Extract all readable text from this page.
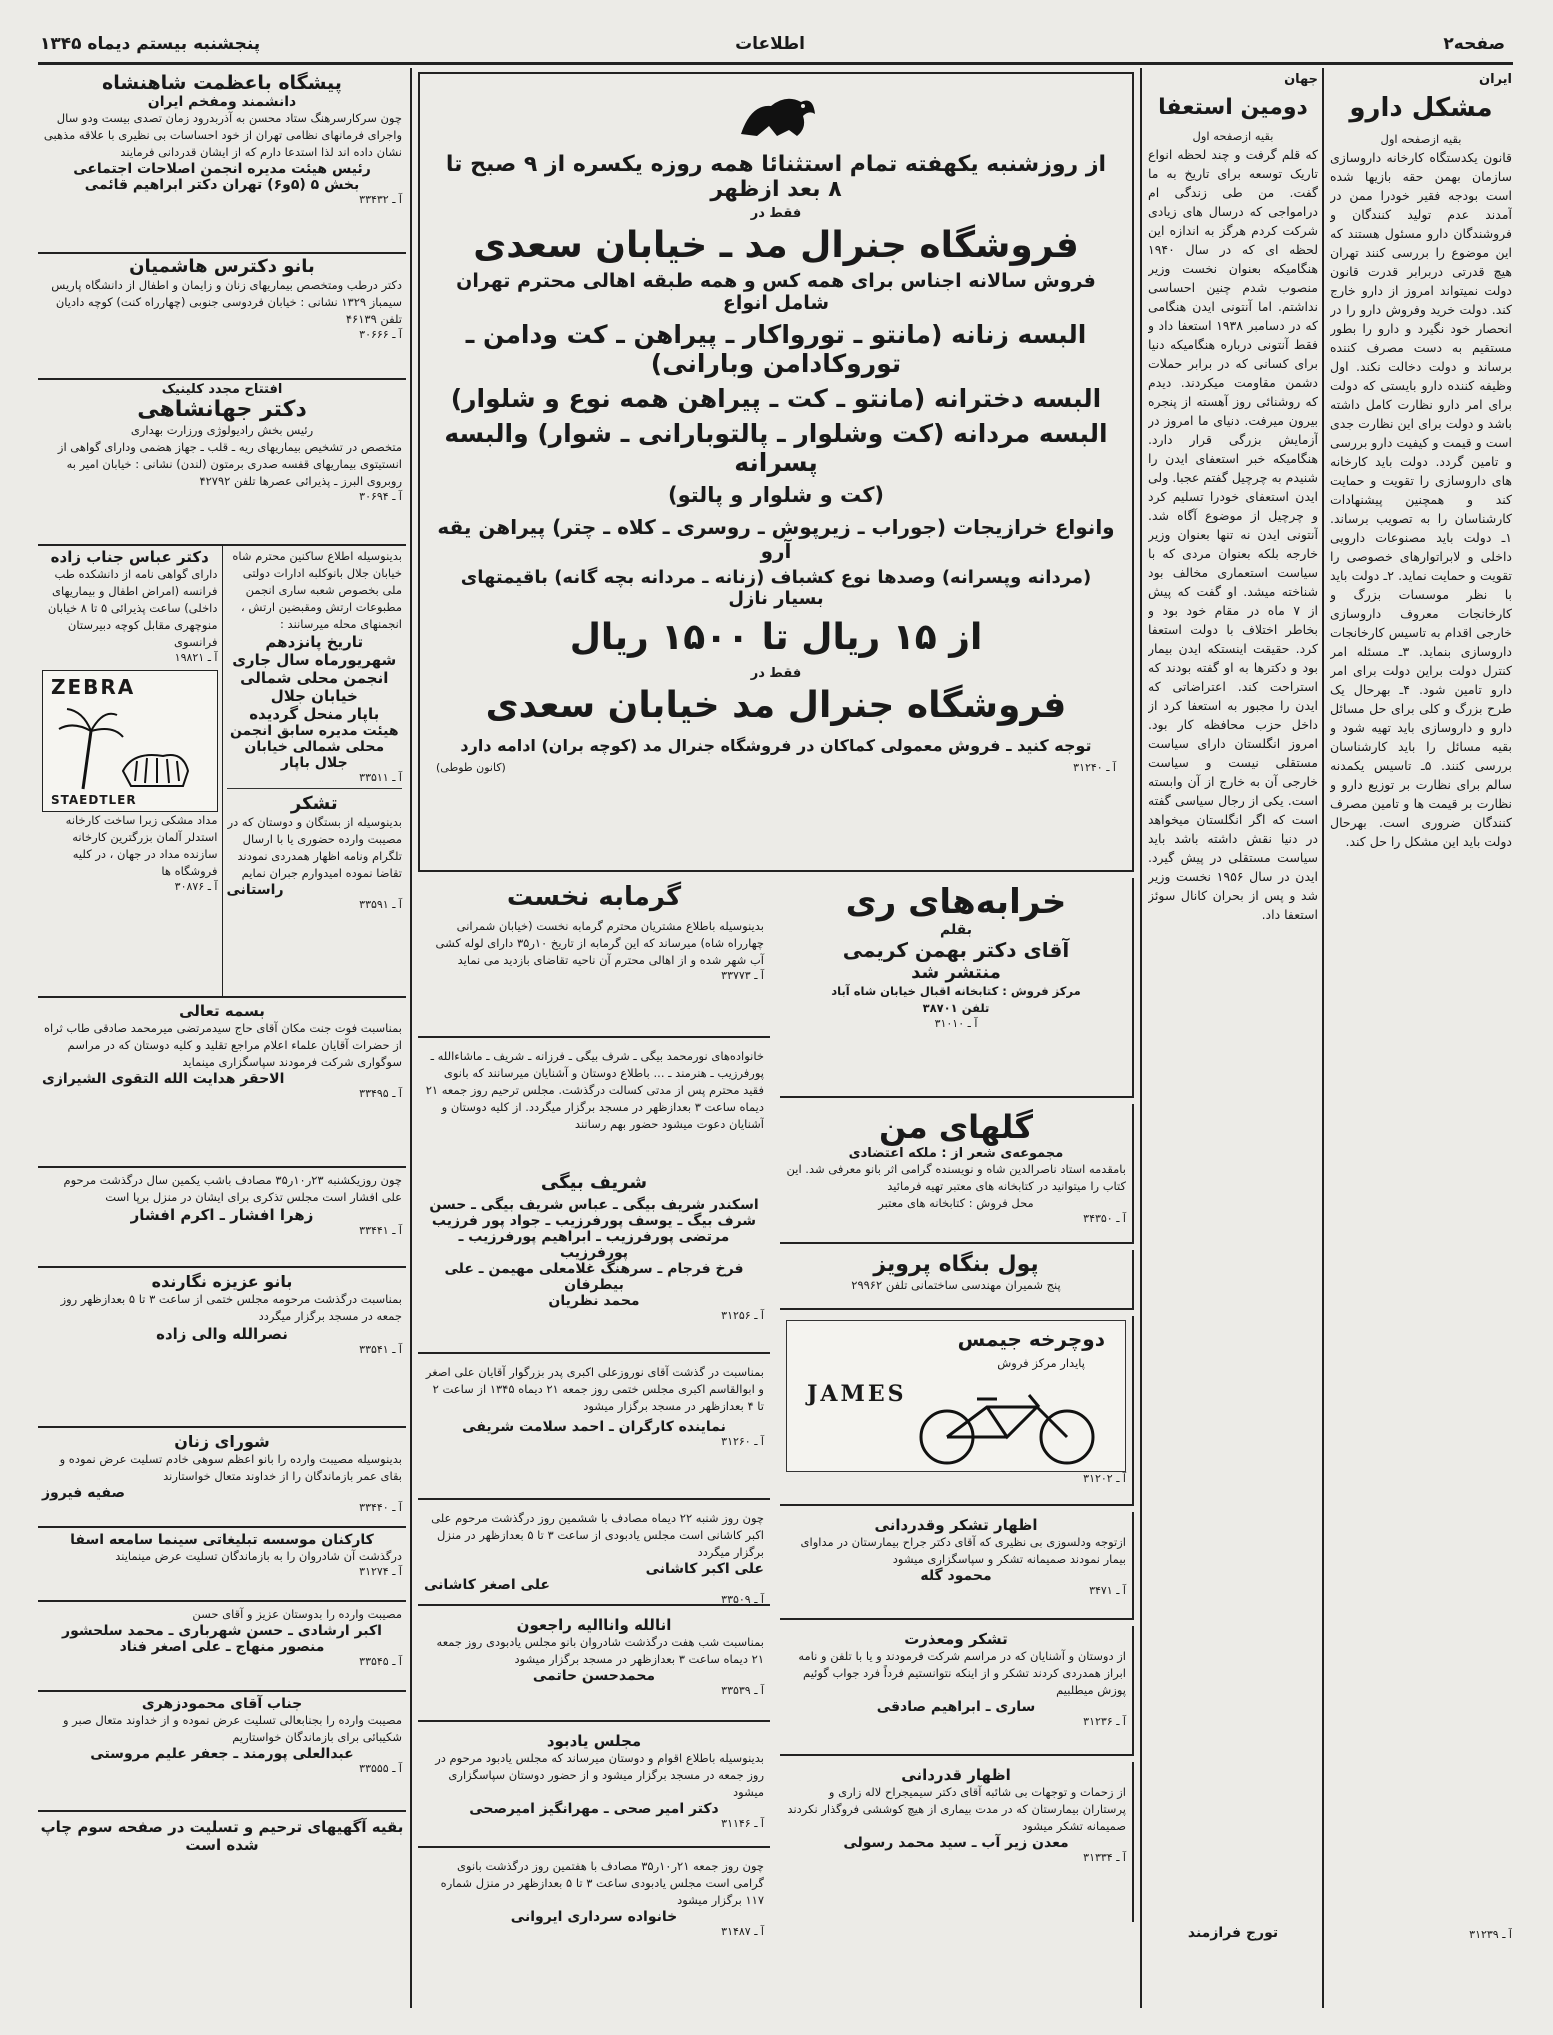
صفحه۲
اطلاعات
پنجشنبه بیستم دیماه ۱۳۴۵
ایران
مشکل دارو
بقیه ازصفحه اول
قانون یکدستگاه کارخانه داروسازی سازمان بهمن حقه بازیها شده است بودجه فقیر خودرا ممن در آمدند عدم تولید کنندگان و فروشندگان دارو مسئول هستند که این موضوع را بررسی کنند تهران هیچ قدرتی دربرابر قدرت قانون دولت نمیتواند امروز از دارو خارج کند. دولت خرید وفروش دارو را در انحصار خود نگیرد و دارو را بطور مستقیم به دست مصرف کننده برساند و دولت دخالت نکند. اول وظیفه کننده دارو بایستی که دولت برای امر دارو نظارت کامل داشته باشد و دولت برای این نظارت جدی است و قیمت و کیفیت دارو بررسی و تامین گردد. دولت باید کارخانه های داروسازی را تقویت و حمایت کند و همچنین پیشنهادات کارشناسان را به تصویب برساند. ۱ـ دولت باید مصنوعات دارویی داخلی و لابراتوارهای خصوصی را تقویت و حمایت نماید. ۲ـ دولت باید با نظر موسسات بزرگ و کارخانجات معروف داروسازی خارجی اقدام به تاسیس کارخانجات داروسازی بنماید. ۳ـ مسئله امر کنترل دولت براین دولت برای امر دارو تامین شود. ۴ـ بهرحال یک طرح بزرگ و کلی برای حل مسائل دارو و داروسازی باید تهیه شود و بقیه مسائل را باید کارشناسان بررسی کنند. ۵ـ تاسیس یکمدنه سالم برای نظارت بر توزیع دارو و نظارت بر قیمت ها و تامین مصرف کنندگان ضروری است. بهرحال دولت باید این مشکل را حل کند.
آ ـ ۳۱۲۳۹
جهان
دومین استعفا
بقیه ازصفحه اول
که قلم گرفت و چند لحظه انواع تاریک توسعه برای تاریخ به ما گفت. من طی زندگی ام درامواجی که درسال های زیادی شرکت کردم هرگز به اندازه این لحظه ای که در سال ۱۹۴۰ هنگامیکه بعنوان نخست وزیر منصوب شدم چنین احساسی نداشتم. اما آنتونی ایدن هنگامی که در دسامبر ۱۹۳۸ استعفا داد و فقط آنتونی درباره هنگامیکه دنیا برای کسانی که در برابر حملات دشمن مقاومت میکردند. دیدم که روشنائی روز آهسته از پنجره بیرون میرفت. دنیای ما امروز در آزمایش بزرگی قرار دارد. هنگامیکه خبر استعفای ایدن را شنیدم به چرچیل گفتم عجبا. ولی ایدن استعفای خودرا تسلیم کرد و چرچیل از موضوع آگاه شد. آنتونی ایدن نه تنها بعنوان وزیر خارجه بلکه بعنوان مردی که با سیاست استعماری مخالف بود شناخته میشد. او گفت که پیش از ۷ ماه در مقام خود بود و بخاطر اختلاف با دولت استعفا کرد. حقیقت اینستکه ایدن بیمار بود و دکترها به او گفته بودند که استراحت کند. اعتراضاتی که ایدن را مجبور به استعفا کرد از داخل حزب محافظه کار بود. امروز انگلستان دارای سیاست مستقلی نیست و سیاست خارجی آن به خارج از آن وابسته است. یکی از رجال سیاسی گفته است که اگر انگلستان میخواهد در دنیا نقش داشته باشد باید سیاست مستقلی در پیش گیرد. ایدن در سال ۱۹۵۶ نخست وزیر شد و پس از بحران کانال سوئز استعفا داد.
تورج فرازمند
از روزشنبه یکهفته تمام استثنائا همه روزه یکسره از ۹ صبح تا ۸ بعد ازظهر
فقط در
فروشگاه جنرال مد ـ خیابان سعدی
فروش سالانه اجناس برای همه کس و همه طبقه اهالی محترم تهران
شامل انواع
البسه زنانه (مانتو ـ تورواکار ـ پیراهن ـ کت ودامن ـ توروکادامن وبارانی)
البسه دخترانه (مانتو ـ کت ـ پیراهن همه نوع و شلوار)
البسه مردانه (کت وشلوار ـ پالتوبارانی ـ شوار) والبسه پسرانه
(کت و شلوار و پالتو)
وانواع خرازیجات (جوراب ـ زیرپوش ـ روسری ـ کلاه ـ چتر) پیراهن یقه آرو
(مردانه وپسرانه) وصدها نوع کشباف (زنانه ـ مردانه بچه گانه) باقیمتهای بسیار نازل
از ۱۵ ریال تا ۱۵۰۰ ریال
فقط در
فروشگاه جنرال مد خیابان سعدی
توجه کنید ـ فروش معمولی کماکان در فروشگاه جنرال مد (کوچه بران) ادامه دارد
آ ـ ۳۱۲۴۰
(کانون طوطی)
گرمابه نخست
بدینوسیله باطلاع مشتریان محترم گرمابه نخست (خیابان شمرانی چهارراه شاه) میرساند که این گرمابه از تاریخ ۱۰ر۳۵ دارای لوله کشی آب شهر شده و از اهالی محترم آن ناحیه تقاضای بازدید می نماید
آ ـ ۳۳۷۷۳
خرابه‌های ری
بقلم
آقای دکتر بهمن کریمی
منتشر شد
مرکز فروش : کتابخانه اقبال خیابان شاه آباد
تلفن ۳۸۷۰۱
آ ـ ۳۱۰۱۰
گلهای من
مجموعه‌ی شعر از : ملکه اعتضادی
بامقدمه استاد ناصرالدین شاه و نویسنده گرامی اثر بانو معرفی شد. این کتاب را میتوانید در کتابخانه های معتبر تهیه فرمائید
محل فروش : کتابخانه های معتبر
آ ـ ۳۴۳۵۰
پول بنگاه پرویز
پنج شمیران مهندسی ساختمانی تلفن ۲۹۹۶۲
دوچرخه جیمس
پایدار مرکز فروش
JAMES
آ ـ ۳۱۲۰۲
اظهار تشکر وقدردانی
ازتوجه ودلسوزی بی نظیری که آقای دکتر جراح بیمارستان در مداوای بیمار نمودند صمیمانه تشکر و سپاسگزاری میشود
محمود گله
آ ـ ۳۴۷۱
تشکر ومعذرت
از دوستان و آشنایان که در مراسم شرکت فرمودند و یا با تلفن و نامه ابراز همدردی کردند تشکر و از اینکه نتوانستیم فرداً فرد جواب گوئیم پوزش میطلبیم
ساری ـ ابراهیم صادقی
آ ـ ۳۱۲۳۶
اظهار قدردانی
از زحمات و توجهات بی شائبه آقای دکتر سیمیجراح لاله زاری و پرستاران بیمارستان که در مدت بیماری از هیچ کوششی فروگذار نکردند صمیمانه تشکر میشود
معدن زیر آب ـ سید محمد رسولی
آ ـ ۳۱۳۳۴
خانواده‌های نورمحمد بیگی ـ شرف بیگی ـ فرزانه ـ شریف ـ ماشاءالله ـ پورفرزیب ـ هنرمند ـ ... باطلاع دوستان و آشنایان میرسانند که بانوی فقید محترم پس از مدتی کسالت درگذشت. مجلس ترحیم روز جمعه ۲۱ دیماه ساعت ۳ بعدازظهر در مسجد برگزار میگردد. از کلیه دوستان و آشنایان دعوت میشود حضور بهم رسانند
شریف بیگی
اسکندر شریف بیگی ـ عباس شریف بیگی ـ حسن
شرف بیگ ـ یوسف پورفرزیب ـ جواد پور فرزیب
مرتضی پورفرزیب ـ ابراهیم پورفرزیب ـ پورفرزیب
فرخ فرجام ـ سرهنگ غلامعلی مهیمن ـ علی بیطرفان
محمد نظریان
آ ـ ۳۱۲۵۶
بمناسبت در گذشت آقای نوروزعلی اکبری پدر بزرگوار آقایان علی اصغر و ابوالقاسم اکبری مجلس ختمی روز جمعه ۲۱ دیماه ۱۳۴۵ از ساعت ۲ تا ۴ بعدازظهر در مسجد برگزار میشود
نماینده کارگران ـ احمد سلامت شریفی
آ ـ ۳۱۲۶۰
چون روز شنبه ۲۲ دیماه مصادف با ششمین روز درگذشت مرحوم علی اکبر کاشانی است مجلس یادبودی از ساعت ۳ تا ۵ بعدازظهر در منزل برگزار میگردد
علی اکبر کاشانی
علی اصغر کاشانی
آ ـ ۳۳۵۰۹
انالله واناالیه راجعون
بمناسبت شب هفت درگذشت شادروان بانو مجلس یادبودی روز جمعه ۲۱ دیماه ساعت ۳ بعدازظهر در مسجد برگزار میشود
محمدحسن حاتمی
آ ـ ۳۳۵۳۹
مجلس یادبود
بدینوسیله باطلاع اقوام و دوستان میرساند که مجلس یادبود مرحوم در روز جمعه در مسجد برگزار میشود و از حضور دوستان سپاسگزاری میشود
دکتر امیر صحی ـ مهرانگیز امیرصحی
آ ـ ۳۱۱۴۶
چون روز جمعه ۲۱ر۱۰ر۳۵ مصادف با هفتمین روز درگذشت بانوی گرامی است مجلس یادبودی ساعت ۳ تا ۵ بعدازظهر در منزل شماره ۱۱۷ برگزار میشود
خانواده سرداری ایروانی
آ ـ ۳۱۴۸۷
پیشگاه باعظمت شاهنشاه
دانشمند ومفخم ایران
چون سرکارسرهنگ ستاد محسن به آذربدرود زمان تصدی بیست ودو سال واجرای فرمانهای نظامی تهران از خود احساسات بی نظیری با علاقه مذهبی نشان داده اند لذا استدعا دارم که از ایشان قدردانی فرمایند
رئیس هیئت مدیره انجمن اصلاحات اجتماعی
بخش ۵ (۵و۶) تهران دکتر ابراهیم قائمی
آ ـ ۳۳۴۳۲
بانو دکترس هاشمیان
دکتر درطب ومتخصص بیماریهای زنان و زایمان و اطفال از دانشگاه پاریس سیمباز ۱۳۲۹ نشانی : خیابان فردوسی جنوبی (چهارراه کنت) کوچه دادیان تلفن ۴۶۱۳۹
آ ـ ۳۰۶۶۶
افتتاح مجدد کلینیک
دکتر جهانشاهی
رئیس بخش رادیولوژی ورزارت بهداری
متخصص در تشخیص بیماریهای ریه ـ قلب ـ جهاز هضمی ودارای گواهی از انستیتوی بیماریهای قفسه صدری برمتون (لندن) نشانی : خیابان امیر به روبروی البرز ـ پذیرائی عصرها تلفن ۴۲۷۹۲
آ ـ ۳۰۶۹۴
بدینوسیله اطلاع ساکنین محترم شاه خیابان جلال بانوکلبه ادارات دولتی ملی بخصوص شعبه ساری انجمن مطبوعات ارتش ومقبضین ارتش ، انجمنهای محله میرسانند :
تاریخ پانزدهم
شهریورماه سال جاری انجمن محلی شمالی خیابان جلال
باپار منحل گردیده
هیئت مدیره سابق انجمن
محلی شمالی خیابان جلال باپار
آ ـ ۳۳۵۱۱
تشکر
بدینوسیله از بستگان و دوستان که در مصیبت وارده حضوری یا با ارسال تلگرام ونامه اظهار همدردی نمودند تقاضا نموده امیدوارم جبران نمایم
راستانی
آ ـ ۳۳۵۹۱
دکتر عباس جناب زاده
دارای گواهی نامه از دانشکده طب فرانسه (امراض اطفال و بیماریهای داخلی) ساعت پذیرائی ۵ تا ۸ خیابان منوچهری مقابل کوچه دبیرستان فرانسوی
آ ـ ۱۹۸۲۱
ZEBRA
STAEDTLER
مداد مشکی زبرا ساخت کارخانه استدلر آلمان بزرگترین کارخانه سازنده مداد در جهان ، در کلیه فروشگاه ها
آ ـ ۳۰۸۷۶
بسمه تعالی
بمناسبت فوت جنت مکان آقای حاج سیدمرتضی میرمحمد صادقی طاب ثراه از حضرات آقایان علماء اعلام مراجع تقلید و کلیه دوستان که در مراسم سوگواری شرکت فرمودند سپاسگزاری مینماید
الاحقر هدایت الله التقوی الشیرازی
آ ـ ۳۳۴۹۵
چون روزیکشنبه ۲۳ر۱۰ر۳۵ مصادف باشب یکمین سال درگذشت مرحوم علی افشار است مجلس تذکری برای ایشان در منزل برپا است
زهرا افشار ـ اکرم افشار
آ ـ ۳۳۴۴۱
بانو عزیزه نگارنده
بمناسبت درگذشت مرحومه مجلس ختمی از ساعت ۳ تا ۵ بعدازظهر روز جمعه در مسجد برگزار میگردد
نصرالله والی زاده
آ ـ ۳۳۵۴۱
شورای زنان
بدینوسیله مصیبت وارده را بانو اعظم سوهی خادم تسلیت عرض نموده و بقای عمر بازماندگان را از خداوند متعال خواستارند
صفیه فیروز
آ ـ ۳۳۴۴۰
کارکنان موسسه تبلیغاتی سینما سامعه اسفا
درگذشت آن شادروان را به بازماندگان تسلیت عرض مینمایند
آ ـ ۳۱۲۷۴
مصیبت وارده را بدوستان عزیز و آقای حسن
اکبر ارشادی ـ حسن شهرباری ـ محمد سلحشور
منصور منهاج ـ علی اصغر فناد
آ ـ ۳۳۵۴۵
جناب آقای محمودزهری
مصیبت وارده را بجنابعالی تسلیت عرض نموده و از خداوند متعال صبر و شکیبائی برای بازماندگان خواستاریم
عبدالعلی پورمند ـ جعفر علیم مروستی
آ ـ ۳۳۵۵۵
بقیه آگهیهای ترحیم و تسلیت در صفحه سوم چاپ شده است
